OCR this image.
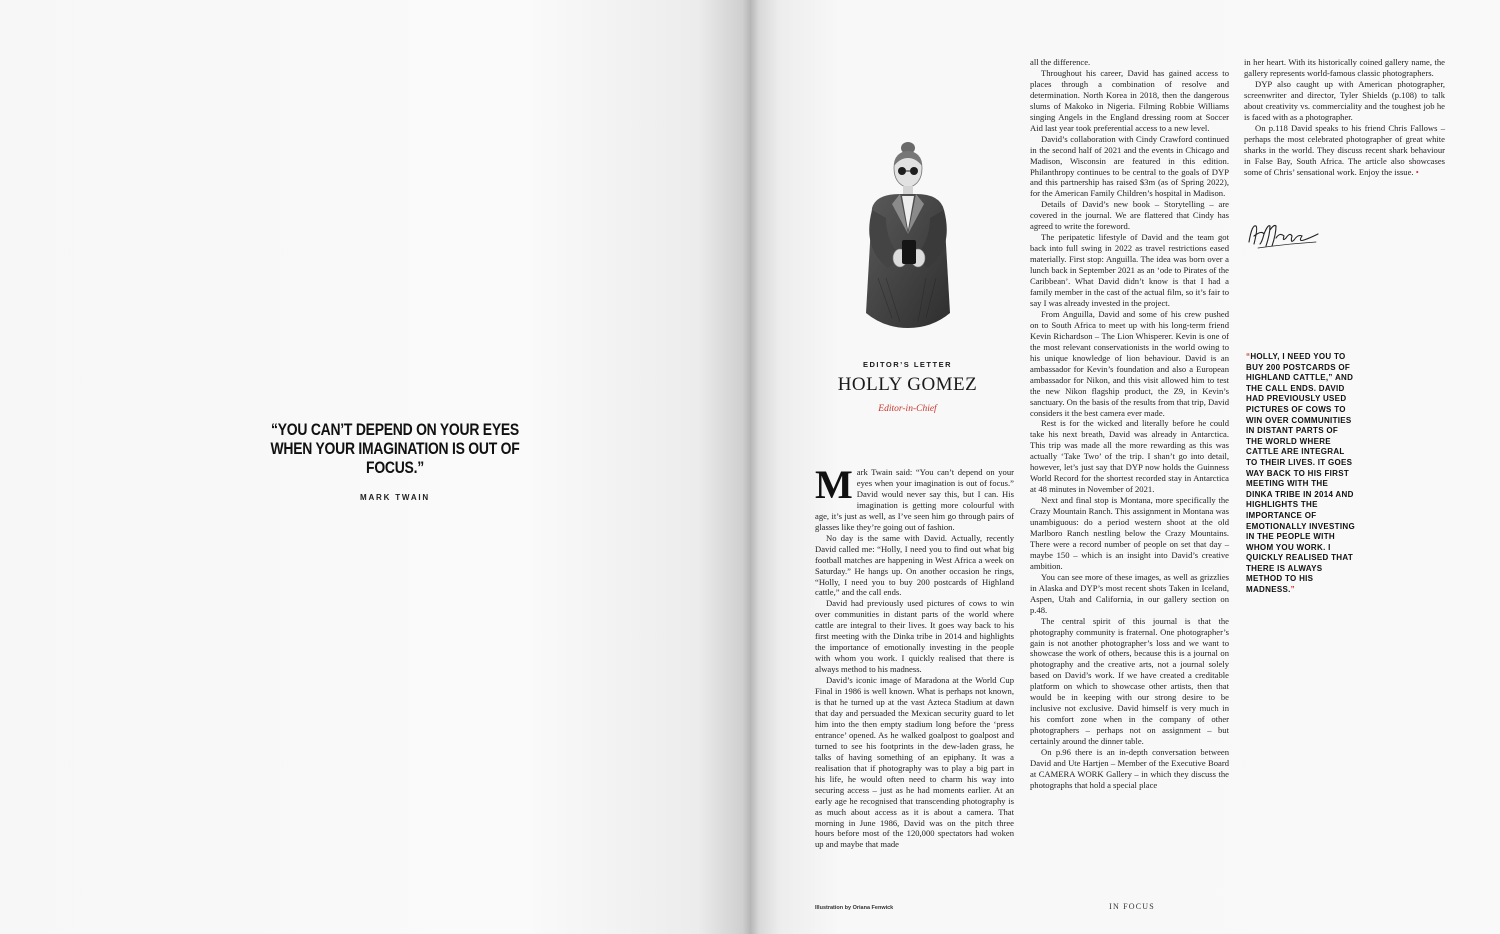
“YOU CAN’T DEPEND ON YOUR EYES WHEN YOUR IMAGINATION IS OUT OF FOCUS.”

MARK TWAIN
EDITOR’S LETTER
HOLLY GOMEZ
Editor-in-Chief

Mark Twain said: “You can’t depend on your eyes when your imagination is out of focus.” David would never say this, but I can. His imagination is getting more colourful with age, it’s just as well, as I’ve seen him go through pairs of glasses like they’re going out of fashion.

No day is the same with David. Actually, recently David called me: “Holly, I need you to find out what big football matches are happening in West Africa a week on Saturday.” He hangs up. On another occasion he rings, “Holly, I need you to buy 200 postcards of Highland cattle,” and the call ends.

David had previously used pictures of cows to win over communities in distant parts of the world where cattle are integral to their lives. It goes way back to his first meeting with the Dinka tribe in 2014 and highlights the importance of emotionally investing in the people with whom you work. I quickly realised that there is always method to his madness.

David’s iconic image of Maradona at the World Cup Final in 1986 is well known. What is perhaps not known, is that he turned up at the vast Azteca Stadium at dawn that day and persuaded the Mexican security guard to let him into the then empty stadium long before the ‘press entrance’ opened. As he walked goalpost to goalpost and turned to see his footprints in the dew-laden grass, he talks of having something of an epiphany. It was a realisation that if photography was to play a big part in his life, he would often need to charm his way into securing access – just as he had moments earlier. At an early age he recognised that transcending photography is as much about access as it is about a camera. That morning in June 1986, David was on the pitch three hours before most of the 120,000 spectators had woken up and maybe that made

all the difference.

Throughout his career, David has gained access to places through a combination of resolve and determination. North Korea in 2018, then the dangerous slums of Makoko in Nigeria. Filming Robbie Williams singing Angels in the England dressing room at Soccer Aid last year took preferential access to a new level.

David’s collaboration with Cindy Crawford continued in the second half of 2021 and the events in Chicago and Madison, Wisconsin are featured in this edition. Philanthropy continues to be central to the goals of DYP and this partnership has raised $3m (as of Spring 2022), for the American Family Children’s hospital in Madison.

Details of David’s new book – Storytelling – are covered in the journal. We are flattered that Cindy has agreed to write the foreword.

The peripatetic lifestyle of David and the team got back into full swing in 2022 as travel restrictions eased materially. First stop: Anguilla. The idea was born over a lunch back in September 2021 as an ‘ode to Pirates of the Caribbean’. What David didn’t know is that I had a family member in the cast of the actual film, so it’s fair to say I was already invested in the project.

From Anguilla, David and some of his crew pushed on to South Africa to meet up with his long-term friend Kevin Richardson – The Lion Whisperer. Kevin is one of the most relevant conservationists in the world owing to his unique knowledge of lion behaviour. David is an ambassador for Kevin’s foundation and also a European ambassador for Nikon, and this visit allowed him to test the new Nikon flagship product, the Z9, in Kevin’s sanctuary. On the basis of the results from that trip, David considers it the best camera ever made.

Rest is for the wicked and literally before he could take his next breath, David was already in Antarctica. This trip was made all the more rewarding as this was actually ‘Take Two’ of the trip. I shan’t go into detail, however, let’s just say that DYP now holds the Guinness World Record for the shortest recorded stay in Antarctica at 48 minutes in November of 2021.

Next and final stop is Montana, more specifically the Crazy Mountain Ranch. This assignment in Montana was unambiguous: do a period western shoot at the old Marlboro Ranch nestling below the Crazy Mountains. There were a record number of people on set that day – maybe 150 – which is an insight into David’s creative ambition.

You can see more of these images, as well as grizzlies in Alaska and DYP’s most recent shots Taken in Iceland, Aspen, Utah and California, in our gallery section on p.48.

The central spirit of this journal is that the photography community is fraternal. One photographer’s gain is not another photographer’s loss and we want to showcase the work of others, because this is a journal on photography and the creative arts, not a journal solely based on David’s work. If we have created a creditable platform on which to showcase other artists, then that would be in keeping with our strong desire to be inclusive not exclusive. David himself is very much in his comfort zone when in the company of other photographers – perhaps not on assignment – but certainly around the dinner table.

On p.96 there is an in-depth conversation between David and Ute Hartjen – Member of the Executive Board at CAMERA WORK Gallery – in which they discuss the photographs that hold a special place

in her heart. With its historically coined gallery name, the gallery represents world-famous classic photographers.

DYP also caught up with American photographer, screenwriter and director, Tyler Shields (p.108) to talk about creativity vs. commerciality and the toughest job he is faced with as a photographer.

On p.118 David speaks to his friend Chris Fallows – perhaps the most celebrated photographer of great white sharks in the world. They discuss recent shark behaviour in False Bay, South Africa. The article also showcases some of Chris’ sensational work. Enjoy the issue. •

“HOLLY, I NEED YOU TO BUY 200 POSTCARDS OF HIGHLAND CATTLE,” AND THE CALL ENDS. DAVID HAD PREVIOUSLY USED PICTURES OF COWS TO WIN OVER COMMUNITIES IN DISTANT PARTS OF THE WORLD WHERE CATTLE ARE INTEGRAL TO THEIR LIVES. IT GOES WAY BACK TO HIS FIRST MEETING WITH THE DINKA TRIBE IN 2014 AND HIGHLIGHTS THE IMPORTANCE OF EMOTIONALLY INVESTING IN THE PEOPLE WITH WHOM YOU WORK. I QUICKLY REALISED THAT THERE IS ALWAYS METHOD TO HIS MADNESS.”
Illustration by Oriana Fenwick	IN FOCUS
